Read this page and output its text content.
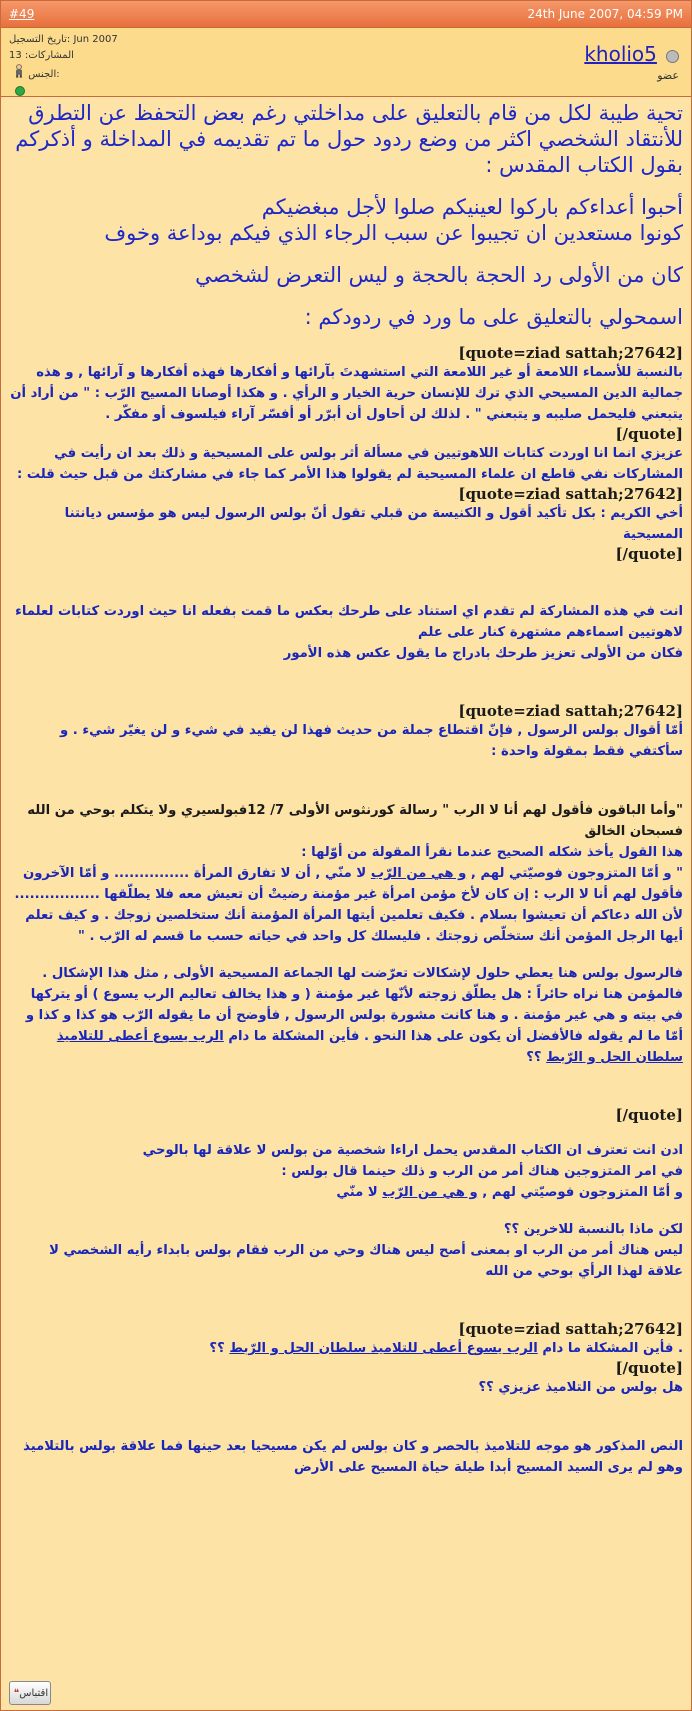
#49	24th June 2007, 04:59 PM
تاريخ التسجيل: Jun 2007
المشاركات: 13
الجنس:
kholio5
عضو

تحية طيبة لكل من قام بالتعليق على مداخلتي رغم بعض التحفظ عن التطرق للأنتقاد الشخصي اكثر من وضع ردود حول ما تم تقديمه في المداخلة و أذكركم بقول الكتاب المقدس :

أحبوا أعداءكم باركوا لعينيكم صلوا لأجل مبغضيكم

كونوا مستعدين ان تجيبوا عن سبب الرجاء الذي فيكم بوداعة وخوف

كان من الأولى رد الحجة بالحجة و ليس التعرض لشخصي

اسمحولي بالتعليق على ما ورد في ردودكم :

[quote=ziad sattah;27642]
بالنسبة للأسماء اللامعة أو غير اللامعة التي استشهدتَ بآرائها و أفكارها فهذه أفكارها و آرائها , و هذه جمالية الدين المسيحي الذي ترك للإنسان حرية الخيار و الرأي . و هكذا أوصانا المسيح الرّب : " من أراد أن يتبعني فليحمل صليبه و يتبعني " . لذلك لن أحاول أن أبرّر أو أفسّر آراء فيلسوف أو مفكّر .
[/quote]
عزيزي انما انا اوردت كتابات اللاهوتيين في مسألة أثر بولس على المسيحية و ذلك بعد ان رأيت في المشاركات نفي قاطع ان علماء المسيحية لم يقولوا هذا الأمر كما جاء في مشاركتك من قبل حيث قلت :
[quote=ziad sattah;27642]
أخي الكريم : بكل تأكيد أقول و الكنيسة من قبلي تقول أنّ بولس الرسول ليس هو مؤسس ديانتنا المسيحية
[/quote]
انت في هذه المشاركة لم تقدم اي استناد على طرحك بعكس ما قمت بفعله انا حيث اوردت كتابات لعلماء لاهوتيين اسماءهم مشتهرة كنار على علم
فكان من الأولى تعزيز طرحك بادراج ما يقول عكس هذه الأمور
[quote=ziad sattah;27642]
أمّا أقوال بولس الرسول , فإنّ اقتطاع جملة من حديث فهذا لن يفيد في شيء و لن يغيّر شيء . و سأكتفي فقط بمقولة واحدة :
"وأما الباقون فأقول لهم أنا لا الرب " رسالة كورنثوس الأولى 7/ 12فبولسيري ولا يتكلم بوحي من الله فسبحان الخالق
هذا القول يأخذ شكله الصحيح عندما نقرأ المقولة من أوّلها :
" و أمّا المتزوجون فوصيّتي لهم , و هي من الرّب لا منّي , أن لا تفارق المرأة ............... و أمّا الآخرون فأقول لهم أنا لا الرب : إن كان لأخ مؤمن امرأة غير مؤمنة رضيتْ أن تعيش معه فلا يطلّقها ................. لأن الله دعاكم أن تعيشوا بسلام . فكيف تعلمين أيتها المرأة المؤمنة أنك ستخلصين زوجك . و كيف تعلم أيها الرجل المؤمن أنك ستخلّص زوجتك . فليسلك كل واحد في حياته حسب ما قسم له الرّب . "
فالرسول بولس هنا يعطي حلول لإشكالات تعرّضت لها الجماعة المسيحية الأولى , مثل هذا الإشكال . فالمؤمن هنا نراه حائراً : هل يطلّق زوجته لأنّها غير مؤمنة ( و هذا يخالف تعاليم الرب يسوع ) أو يتركها في بيته و هي غير مؤمنة . و هنا كانت مشورة بولس الرسول , فأوضح أن ما يقوله الرّب هو كذا و كذا و أمّا ما لم يقوله فالأفضل أن يكون على هذا النحو . فأين المشكلة ما دام الرب يسوع أعطى للتلاميذ سلطان الحل و الرّبط ؟؟
[/quote]
ادن انت تعترف ان الكتاب المقدس يحمل اراءا شخصية من بولس لا علاقة لها بالوحي
في امر المتزوجين هناك أمر من الرب و ذلك حينما قال بولس :
و أمّا المتزوجون فوصيّتي لهم , و هي من الرّب لا منّي
لكن ماذا بالنسبة للاخرين ؟؟
ليس هناك أمر من الرب او بمعنى أصح ليس هناك وحي من الرب فقام بولس بابداء رأيه الشخصي لا علاقة لهذا الرأي بوحي من الله
[quote=ziad sattah;27642]
. فأين المشكلة ما دام الرب يسوع أعطى للتلاميذ سلطان الحل و الرّبط ؟؟
[/quote]
هل بولس من التلاميذ عزيزي ؟؟
النص المذكور هو موجه للتلاميذ بالحصر و كان بولس لم يكن مسيحيا بعد حينها فما علاقة بولس بالتلاميذ وهو لم يرى السيد المسيح أبدا طيلة حياة المسيح على الأرض
❝ اقتباس
